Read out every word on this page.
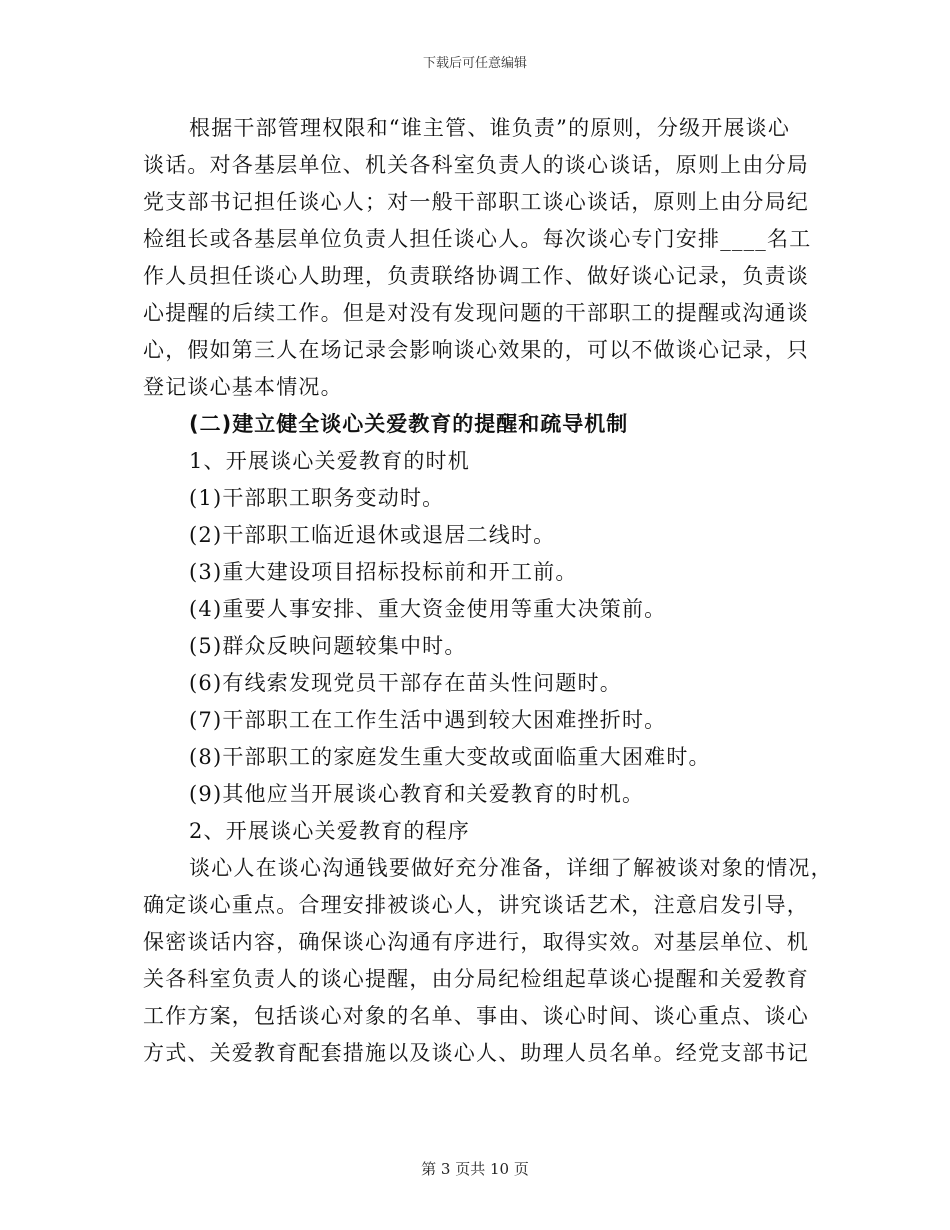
下载后可任意编辑
根据干部管理权限和“谁主管、谁负责”的原则，分级开展谈心
谈话。对各基层单位、机关各科室负责人的谈心谈话，原则上由分局
党支部书记担任谈心人；对一般干部职工谈心谈话，原则上由分局纪
检组长或各基层单位负责人担任谈心人。每次谈心专门安排____名工
作人员担任谈心人助理，负责联络协调工作、做好谈心记录，负责谈
心提醒的后续工作。但是对没有发现问题的干部职工的提醒或沟通谈
心，假如第三人在场记录会影响谈心效果的，可以不做谈心记录，只
登记谈心基本情况。
(二)建立健全谈心关爱教育的提醒和疏导机制
1、开展谈心关爱教育的时机
(1)干部职工职务变动时。
(2)干部职工临近退休或退居二线时。
(3)重大建设项目招标投标前和开工前。
(4)重要人事安排、重大资金使用等重大决策前。
(5)群众反映问题较集中时。
(6)有线索发现党员干部存在苗头性问题时。
(7)干部职工在工作生活中遇到较大困难挫折时。
(8)干部职工的家庭发生重大变故或面临重大困难时。
(9)其他应当开展谈心教育和关爱教育的时机。
2、开展谈心关爱教育的程序
谈心人在谈心沟通钱要做好充分准备，详细了解被谈对象的情况，
确定谈心重点。合理安排被谈心人，讲究谈话艺术，注意启发引导，
保密谈话内容，确保谈心沟通有序进行，取得实效。对基层单位、机
关各科室负责人的谈心提醒，由分局纪检组起草谈心提醒和关爱教育
工作方案，包括谈心对象的名单、事由、谈心时间、谈心重点、谈心
方式、关爱教育配套措施以及谈心人、助理人员名单。经党支部书记
第 3 页共 10 页
